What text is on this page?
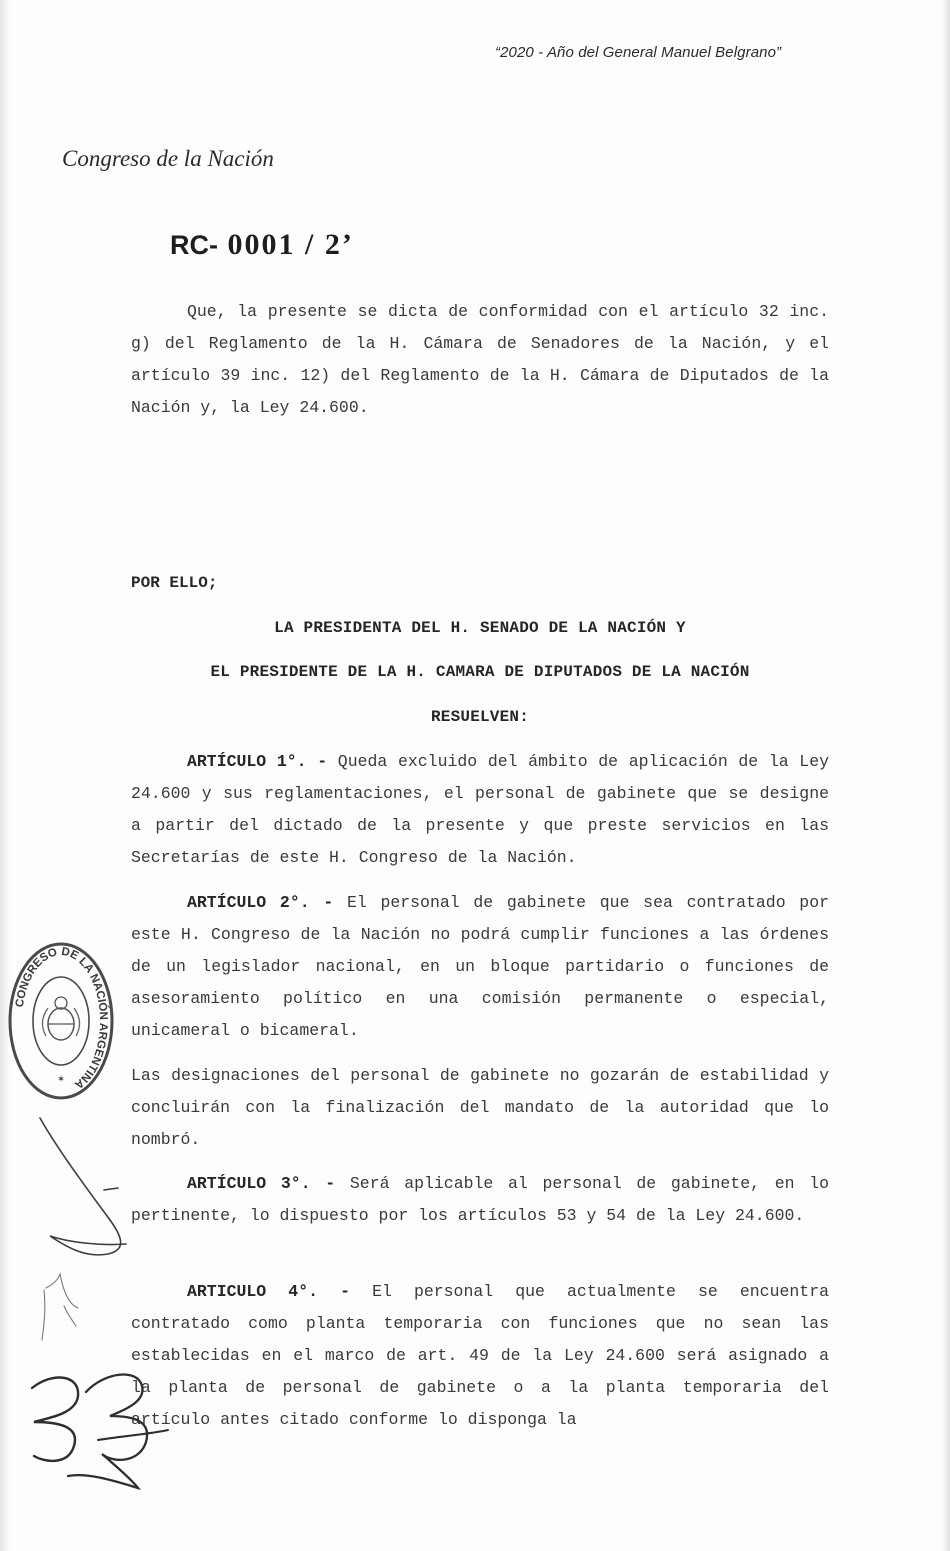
“2020 - Año del General Manuel Belgrano”
Congreso de la Nación
RC- 0001 / 2’

Que, la presente se dicta de conformidad con el artículo 32 inc. g) del Reglamento de la H. Cámara de Senadores de la Nación, y el artículo 39 inc. 12) del Reglamento de la H. Cámara de Diputados de la Nación y, la Ley 24.600.

POR ELLO;
LA PRESIDENTA DEL H. SENADO DE LA NACIÓN Y
EL PRESIDENTE DE LA H. CAMARA DE DIPUTADOS DE LA NACIÓN
RESUELVEN:

ARTÍCULO 1°. - Queda excluido del ámbito de aplicación de la Ley 24.600 y sus reglamentaciones, el personal de gabinete que se designe a partir del dictado de la presente y que preste servicios en las Secretarías de este H. Congreso de la Nación.

ARTÍCULO 2°. - El personal de gabinete que sea contratado por este H. Congreso de la Nación no podrá cumplir funciones a las órdenes de un legislador nacional, en un bloque partidario o funciones de asesoramiento político en una comisión permanente o especial, unicameral o bicameral.

Las designaciones del personal de gabinete no gozarán de estabilidad y concluirán con la finalización del mandato de la autoridad que lo nombró.

ARTÍCULO 3°. - Será aplicable al personal de gabinete, en lo pertinente, lo dispuesto por los artículos 53 y 54 de la Ley 24.600.

ARTICULO 4°. - El personal que actualmente se encuentra contratado como planta temporaria con funciones que no sean las establecidas en el marco de art. 49 de la Ley 24.600 será asignado a la planta de personal de gabinete o a la planta temporaria del artículo antes citado conforme lo disponga la

CONGRESO DE LA NACIÓN ARGENTINA
✶
